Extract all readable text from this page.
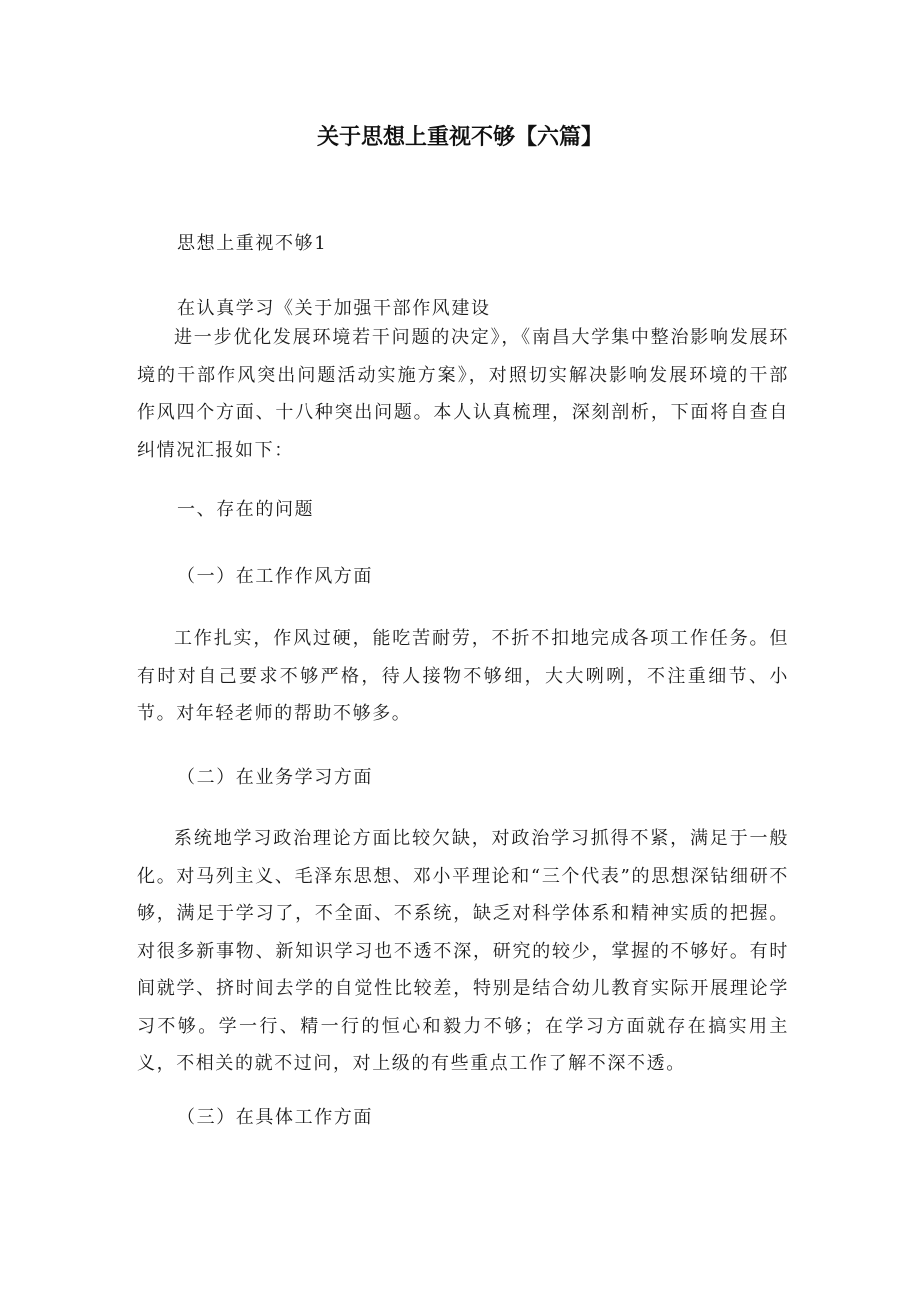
关于思想上重视不够【六篇】
思想上重视不够1
在认真学习《关于加强干部作风建设
进一步优化发展环境若干问题的决定》，《南昌大学集中整治影响发展环境的干部作风突出问题活动实施方案》，对照切实解决影响发展环境的干部作风四个方面、十八种突出问题。本人认真梳理，深刻剖析，下面将自查自纠情况汇报如下：
一、存在的问题
（一）在工作作风方面
工作扎实，作风过硬，能吃苦耐劳，不折不扣地完成各项工作任务。但有时对自己要求不够严格，待人接物不够细，大大咧咧，不注重细节、小节。对年轻老师的帮助不够多。
（二）在业务学习方面
系统地学习政治理论方面比较欠缺，对政治学习抓得不紧，满足于一般化。对马列主义、毛泽东思想、邓小平理论和“三个代表”的思想深钻细研不够，满足于学习了，不全面、不系统，缺乏对科学体系和精神实质的把握。对很多新事物、新知识学习也不透不深，研究的较少，掌握的不够好。有时间就学、挤时间去学的自觉性比较差，特别是结合幼儿教育实际开展理论学习不够。学一行、精一行的恒心和毅力不够；在学习方面就存在搞实用主义，不相关的就不过问，对上级的有些重点工作了解不深不透。
（三）在具体工作方面
